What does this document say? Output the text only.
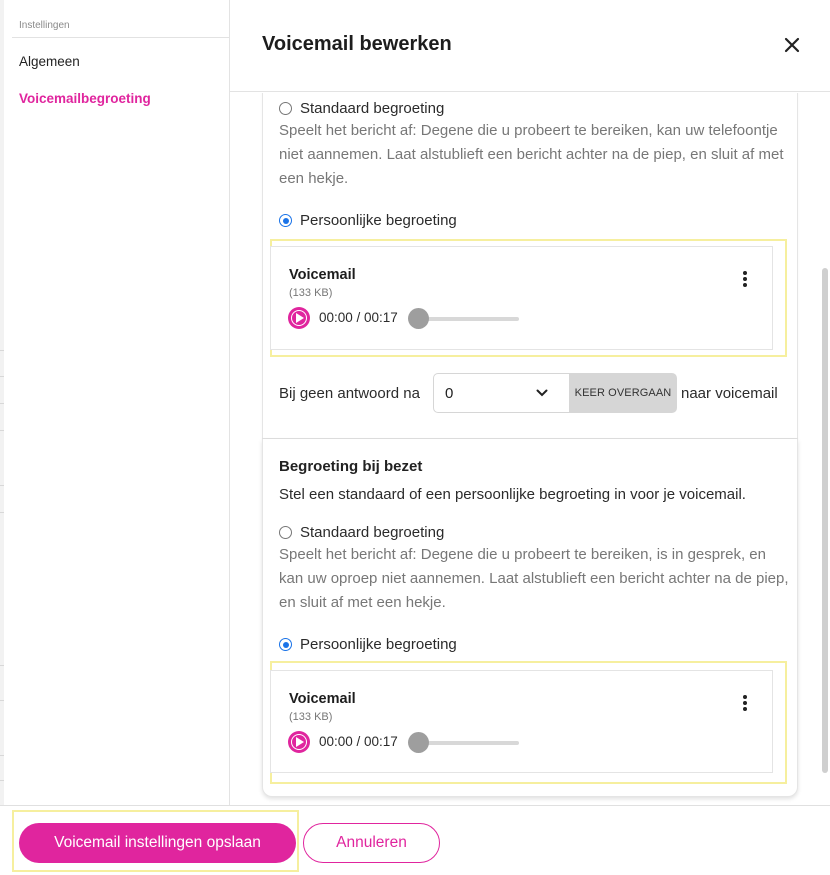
Instellingen
Algemeen
Voicemailbegroeting
Voicemail bewerken
Standaard begroeting
Speelt het bericht af: Degene die u probeert te bereiken, kan uw telefoontje niet aannemen. Laat alstublieft een bericht achter na de piep, en sluit af met een hekje.
Persoonlijke begroeting
Voicemail
(133 KB)
00:00 / 00:17
Bij geen antwoord na 0	KEER OVERGAAN naar voicemail
Begroeting bij bezet
Stel een standaard of een persoonlijke begroeting in voor je voicemail.
Standaard begroeting
Speelt het bericht af: Degene die u probeert te bereiken, is in gesprek, en kan uw oproep niet aannemen. Laat alstublieft een bericht achter na de piep, en sluit af met een hekje.
Persoonlijke begroeting
Voicemail
(133 KB)
00:00 / 00:17
Voicemail instellingen opslaan	Annuleren
